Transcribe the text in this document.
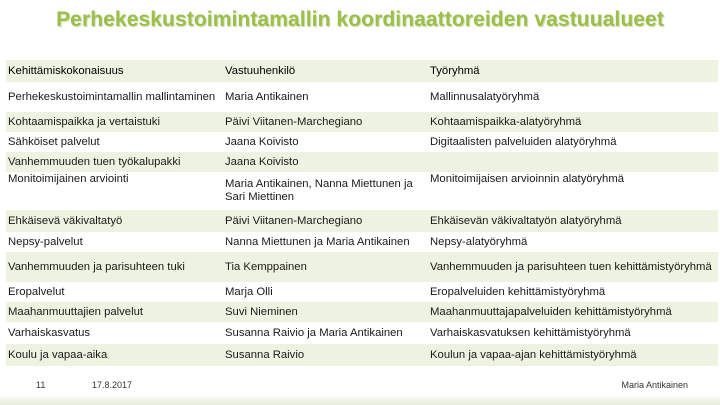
Perhekeskustoimintamallin koordinaattoreiden vastuualueet
Kehittämiskokonaisuus	Vastuuhenkilö	Työryhmä
Perhekeskustoimintamallin mallintaminen	Maria Antikainen	Mallinnusalatyöryhmä
Kohtaamispaikka ja vertaistuki	Päivi Viitanen-Marchegiano	Kohtaamispaikka-alatyöryhmä
Sähköiset palvelut	Jaana Koivisto	Digitaalisten palveluiden alatyöryhmä
Vanhemmuuden tuen työkalupakki	Jaana Koivisto	
Monitoimijainen arviointi	Maria Antikainen, Nanna Miettunen ja Sari Miettinen	Monitoimijaisen arvioinnin alatyöryhmä
Ehkäisevä väkivaltatyö	Päivi Viitanen-Marchegiano	Ehkäisevän väkivaltatyön alatyöryhmä
Nepsy-palvelut	Nanna Miettunen ja Maria Antikainen	Nepsy-alatyöryhmä
Vanhemmuuden ja parisuhteen tuki	Tia Kemppainen	Vanhemmuuden ja parisuhteen tuen kehittämistyöryhmä
Eropalvelut	Marja Olli	Eropalveluiden kehittämistyöryhmä
Maahanmuuttajien palvelut	Suvi Nieminen	Maahanmuuttajapalveluiden kehittämistyöryhmä
Varhaiskasvatus	Susanna Raivio ja Maria Antikainen	Varhaiskasvatuksen kehittämistyöryhmä
Koulu ja vapaa-aika	Susanna Raivio	Koulun ja vapaa-ajan kehittämistyöryhmä
11	17.8.2017	Maria Antikainen
